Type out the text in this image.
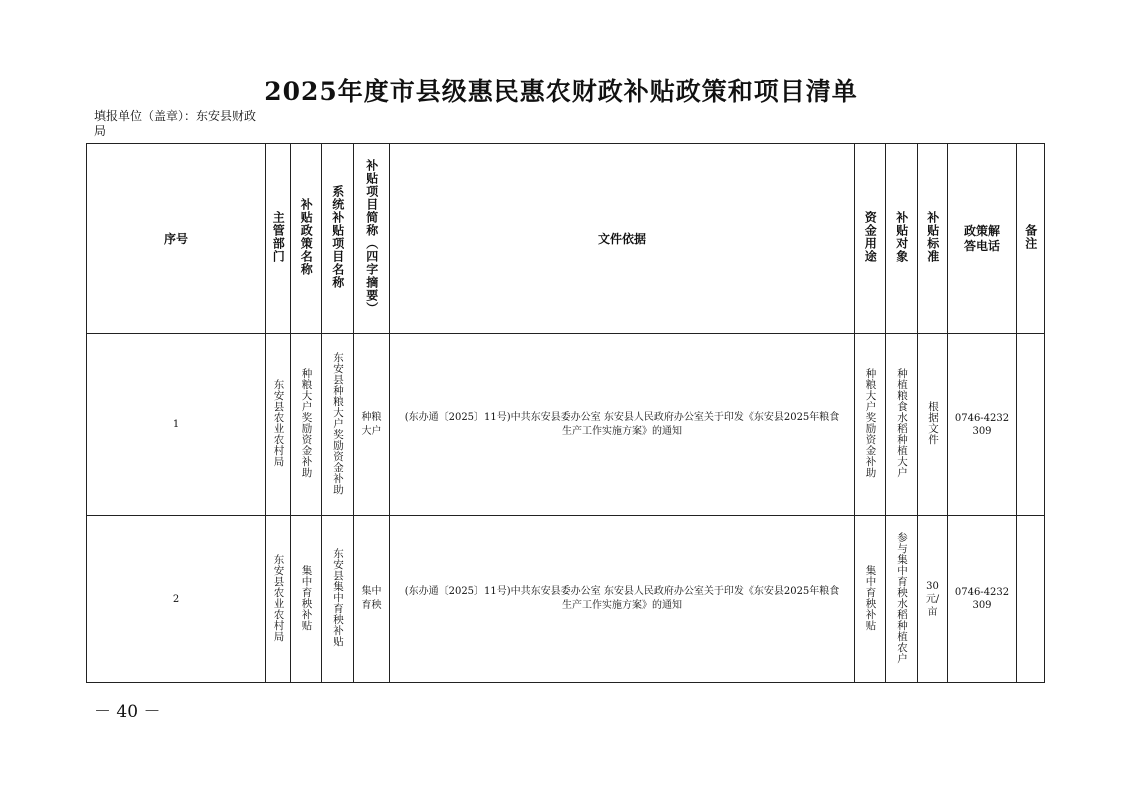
2025年度市县级惠民惠农财政补贴政策和项目清单
填报单位（盖章）：东安县财政局
序号	主管部门	补贴政策名称	系统补贴项目名称	补贴项目简称（四字摘要）	文件依据	资金用途	补贴对象	补贴标准	政策解答电话	备注
1	东安县农业农村局	种粮大户奖励资金补助	东安县种粮大户奖励资金补助	种粮大户	(东办通〔2025〕11号)中共东安县委办公室 东安县人民政府办公室关于印发《东安县2025年粮食生产工作实施方案》的通知	种粮大户奖励资金补助	种植粮食水稻种植大户	根据文件	0746-4232309	

2	东安县农业农村局	集中育秧补贴	东安县集中育秧补贴	集中育秧	(东办通〔2025〕11号)中共东安县委办公室 东安县人民政府办公室关于印发《东安县2025年粮食生产工作实施方案》的通知	集中育秧补贴	参与集中育秧水稻种植农户	30元/亩	0746-4232309	

－ 40 －
